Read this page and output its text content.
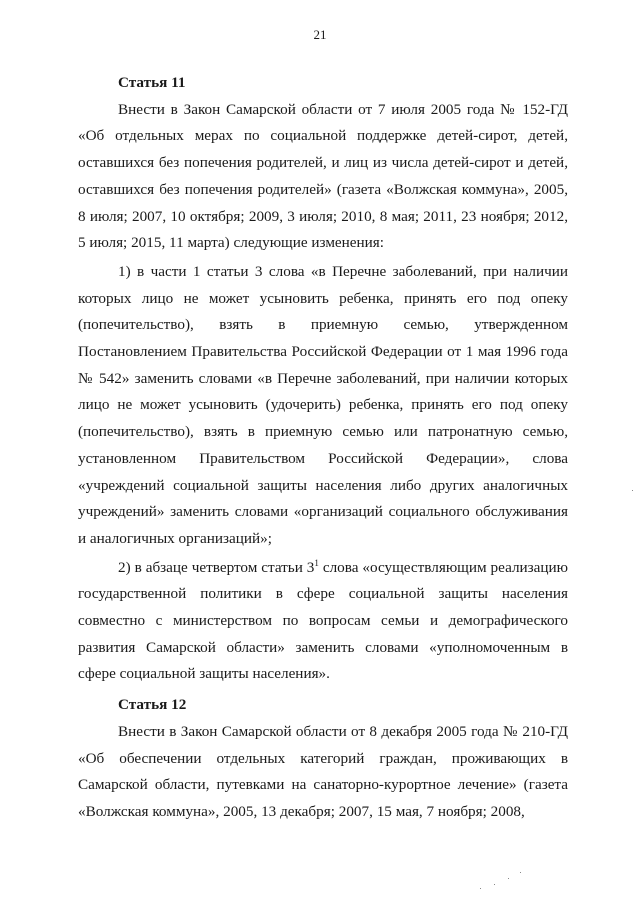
21

Статья 11

Внести в Закон Самарской области от 7 июля 2005 года № 152-ГД «Об отдельных мерах по социальной поддержке детей-сирот, детей, оставшихся без попечения родителей, и лиц из числа детей-сирот и детей, оставшихся без попечения родителей» (газета «Волжская коммуна», 2005, 8 июля; 2007, 10 октября; 2009, 3 июля; 2010, 8 мая; 2011, 23 ноября; 2012, 5 июля; 2015, 11 марта) следующие изменения:

1) в части 1 статьи 3 слова «в Перечне заболеваний, при наличии которых лицо не может усыновить ребенка, принять его под опеку (попечительство), взять в приемную семью, утвержденном Постановлением Правительства Российской Федерации от 1 мая 1996 года № 542» заменить словами «в Перечне заболеваний, при наличии которых лицо не может усыновить (удочерить) ребенка, принять его под опеку (попечительство), взять в приемную семью или патронатную семью, установленном Правительством Российской Федерации», слова «учреждений социальной защиты населения либо других аналогичных учреждений» заменить словами «организаций социального обслуживания и аналогичных организаций»;

2) в абзаце четвертом статьи $3^1$ слова «осуществляющим реализацию государственной политики в сфере социальной защиты населения совместно с министерством по вопросам семьи и демографического развития Самарской области» заменить словами «уполномоченным в сфере социальной защиты населения».

Статья 12

Внести в Закон Самарской области от 8 декабря 2005 года № 210-ГД «Об обеспечении отдельных категорий граждан, проживающих в Самарской области, путевками на санаторно-курортное лечение» (газета «Волжская коммуна», 2005, 13 декабря; 2007, 15 мая, 7 ноября; 2008,
